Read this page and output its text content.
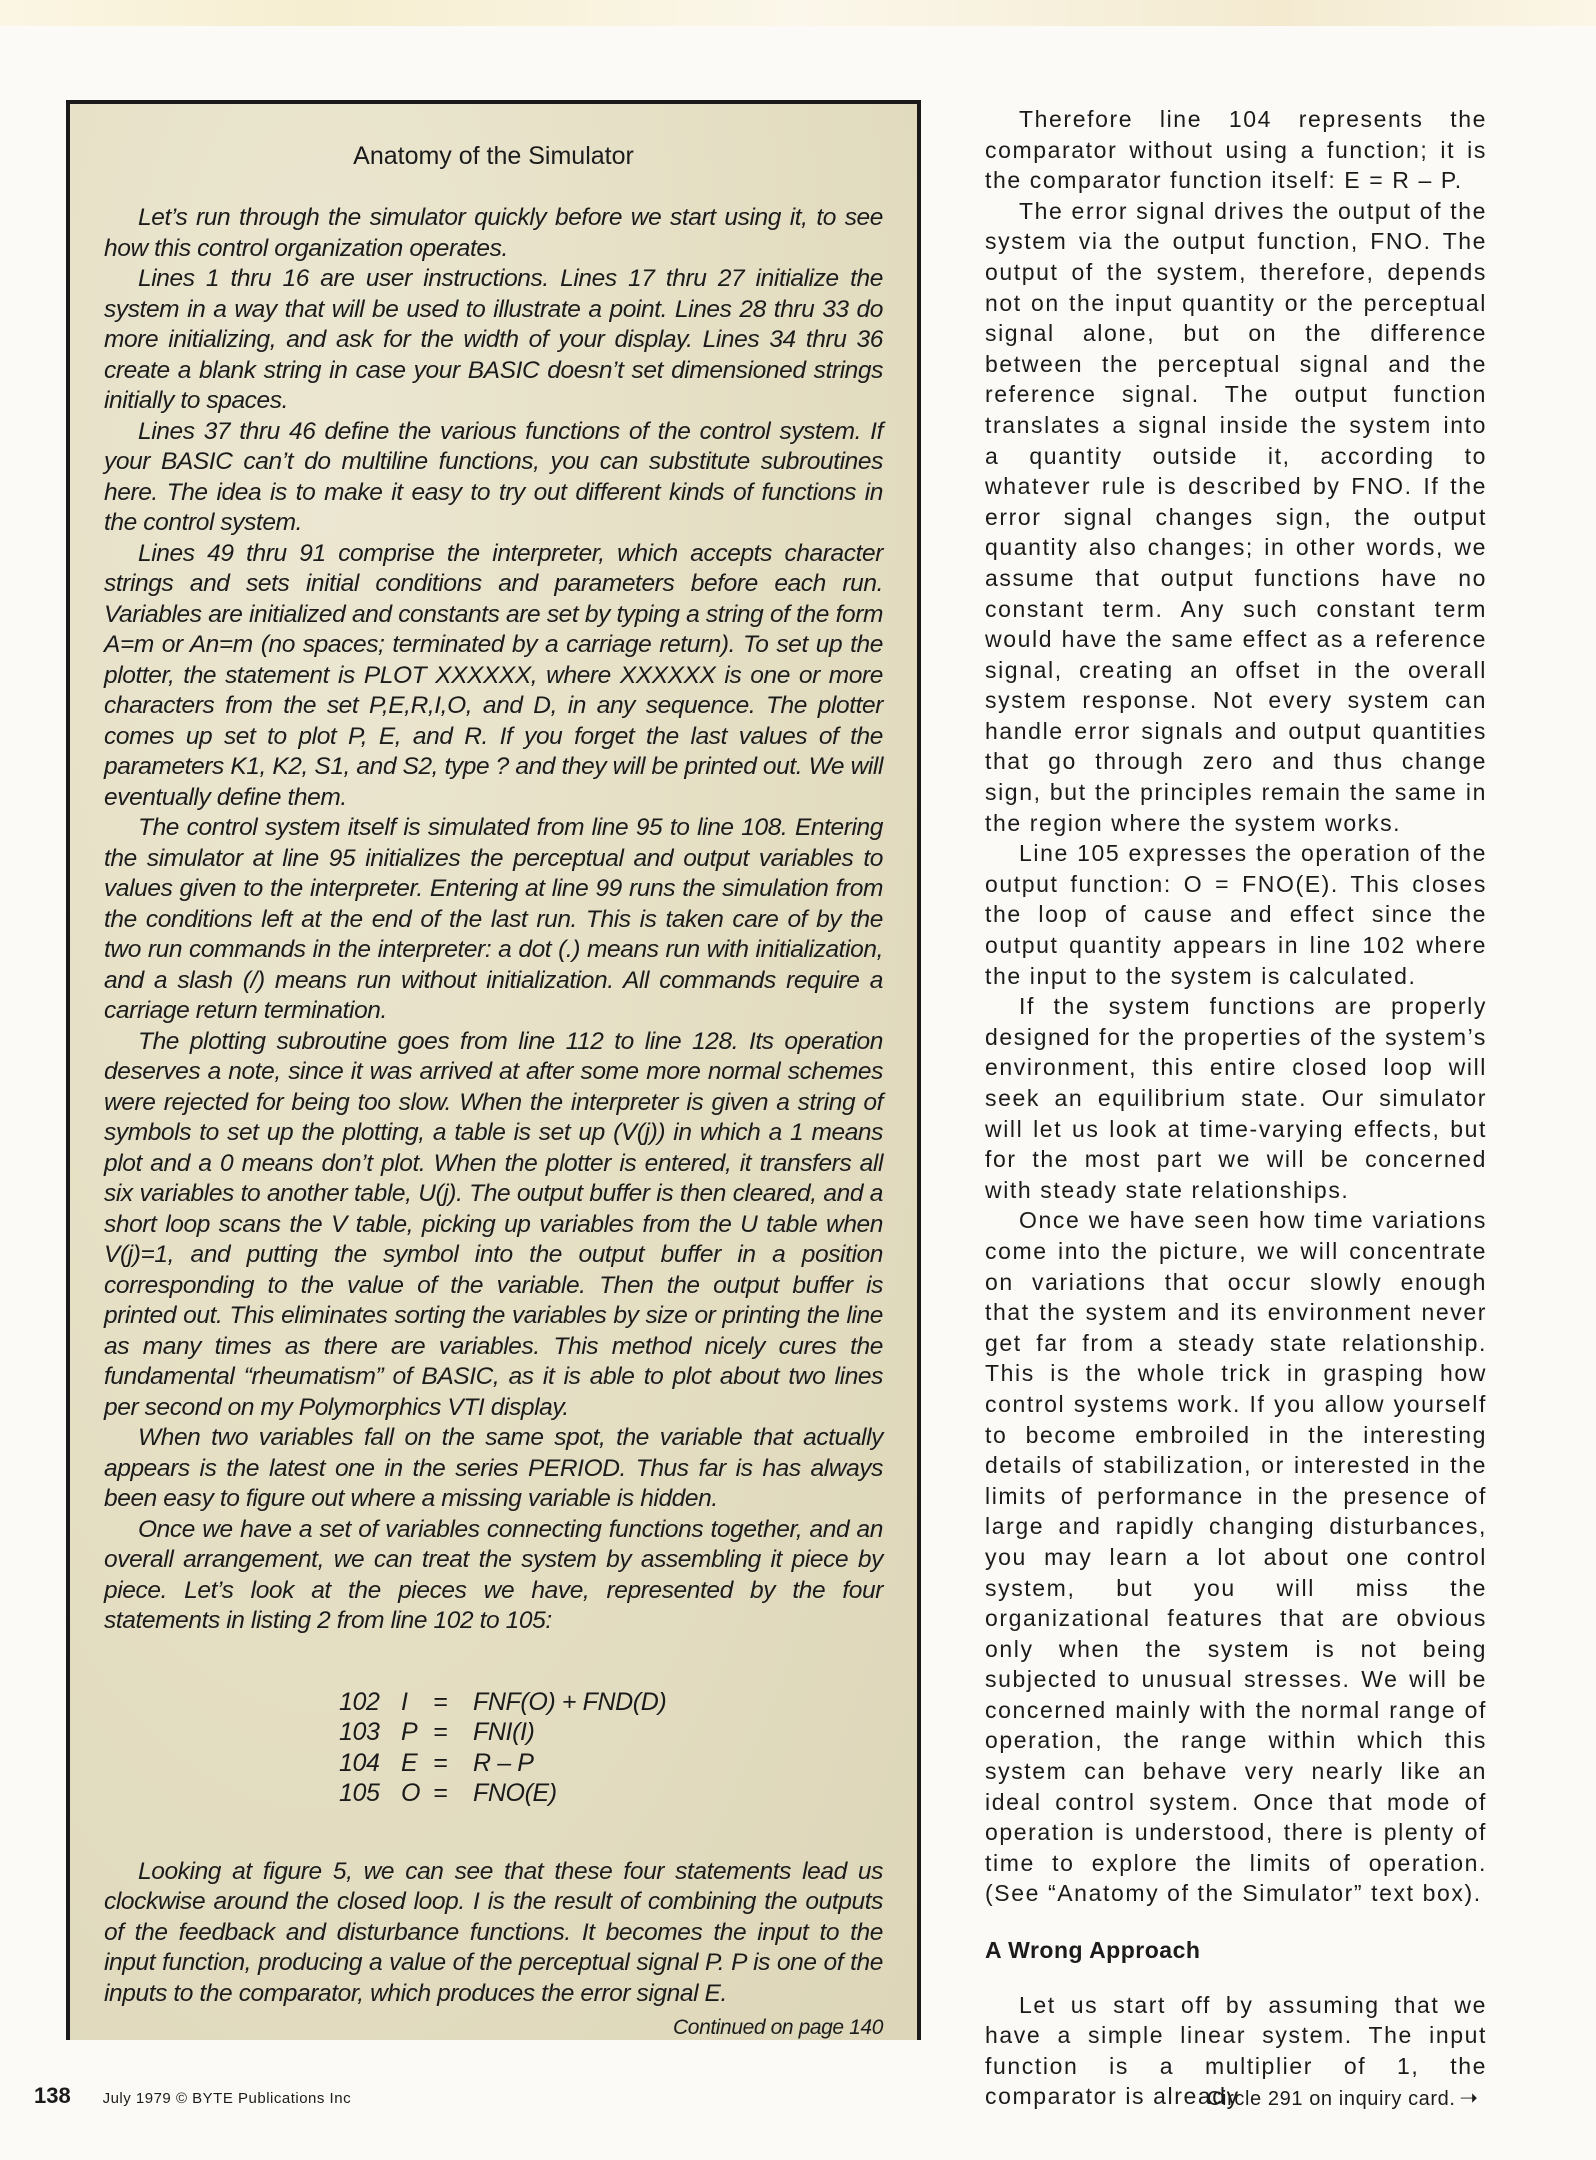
Anatomy of the Simulator

Let’s run through the simulator quickly before we start using it, to see how this control organization operates.

Lines 1 thru 16 are user instructions. Lines 17 thru 27 initialize the system in a way that will be used to illustrate a point. Lines 28 thru 33 do more initializing, and ask for the width of your display. Lines 34 thru 36 create a blank string in case your BASIC doesn’t set dimensioned strings initially to spaces.

Lines 37 thru 46 define the various functions of the control system. If your BASIC can’t do multiline functions, you can substitute subroutines here. The idea is to make it easy to try out different kinds of functions in the control system.

Lines 49 thru 91 comprise the interpreter, which accepts character strings and sets initial conditions and parameters before each run. Variables are initialized and constants are set by typing a string of the form A=m or An=m (no spaces; terminated by a carriage return). To set up the plotter, the statement is PLOT XXXXXX, where XXXXXX is one or more characters from the set P,E,R,I,O, and D, in any sequence. The plotter comes up set to plot P, E, and R. If you forget the last values of the parameters K1, K2, S1, and S2, type ? and they will be printed out. We will eventually define them.

The control system itself is simulated from line 95 to line 108. Entering the simulator at line 95 initializes the perceptual and output variables to values given to the interpreter. Entering at line 99 runs the simulation from the conditions left at the end of the last run. This is taken care of by the two run commands in the interpreter: a dot (.) means run with initialization, and a slash (/) means run without initialization. All commands require a carriage return termination.

The plotting subroutine goes from line 112 to line 128. Its operation deserves a note, since it was arrived at after some more normal schemes were rejected for being too slow. When the interpreter is given a string of symbols to set up the plotting, a table is set up (V(j)) in which a 1 means plot and a 0 means don’t plot. When the plotter is entered, it transfers all six variables to another table, U(j). The output buffer is then cleared, and a short loop scans the V table, picking up variables from the U table when V(j)=1, and putting the symbol into the output buffer in a position corresponding to the value of the variable. Then the output buffer is printed out. This eliminates sorting the variables by size or printing the line as many times as there are variables. This method nicely cures the fundamental “rheumatism” of BASIC, as it is able to plot about two lines per second on my Polymorphics VTI display.

When two variables fall on the same spot, the variable that actually appears is the latest one in the series PERIOD. Thus far is has always been easy to figure out where a missing variable is hidden.

Once we have a set of variables connecting functions together, and an overall arrangement, we can treat the system by assembling it piece by piece. Let’s look at the pieces we have, represented by the four statements in listing 2 from line 102 to 105:

102 I	=	FNF(O) + FND(D)
103 P =	FNI(I)
104 E =	R – P
105 O =	FNO(E)

Looking at figure 5, we can see that these four statements lead us clockwise around the closed loop. I is the result of combining the outputs of the feedback and disturbance functions. It becomes the input to the input function, producing a value of the perceptual signal P. P is one of the inputs to the comparator, which produces the error signal E.

Continued on page 140

Therefore line 104 represents the comparator without using a function; it is the comparator function itself: E = R – P.

The error signal drives the output of the system via the output function, FNO. The output of the system, therefore, depends not on the input quantity or the perceptual signal alone, but on the difference between the perceptual signal and the reference signal. The output function translates a signal inside the system into a quantity outside it, according to whatever rule is described by FNO. If the error signal changes sign, the output quantity also changes; in other words, we assume that output functions have no constant term. Any such constant term would have the same effect as a reference signal, creating an offset in the overall system response. Not every system can handle error signals and output quantities that go through zero and thus change sign, but the principles remain the same in the region where the system works.

Line 105 expresses the operation of the output function: O = FNO(E). This closes the loop of cause and effect since the output quantity appears in line 102 where the input to the system is calculated.

If the system functions are properly designed for the properties of the system’s environment, this entire closed loop will seek an equilibrium state. Our simulator will let us look at time-varying effects, but for the most part we will be concerned with steady state relationships.

Once we have seen how time variations come into the picture, we will concentrate on variations that occur slowly enough that the system and its environment never get far from a steady state relationship. This is the whole trick in grasping how control systems work. If you allow yourself to become embroiled in the interesting details of stabilization, or interested in the limits of performance in the presence of large and rapidly changing disturbances, you may learn a lot about one control system, but you will miss the organizational features that are obvious only when the system is not being subjected to unusual stresses. We will be concerned mainly with the normal range of operation, the range within which this system can behave very nearly like an ideal control system. Once that mode of operation is understood, there is plenty of time to explore the limits of operation. (See “Anatomy of the Simulator” text box).

A Wrong Approach

Let us start off by assuming that we have a simple linear system. The input function is a multiplier of 1, the comparator is already

138 July 1979 © BYTE Publications Inc	Circle 291 on inquiry card. ➝
